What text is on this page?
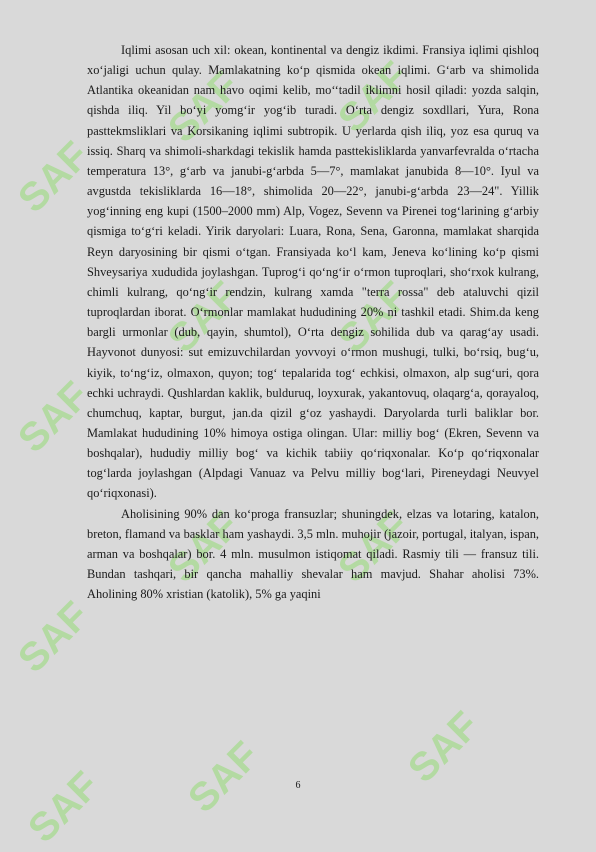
SAF
SAF SAF
SAF
SAF SAF
SAF
SAF SAF
SAF SAF	SAF

Iqlimi asosan uch xil: okean, kontinental va dengiz ikdimi. Fransiya iqlimi qishloq xo‘jaligi uchun qulay. Mamlakatning ko‘p qismida okean iqlimi. G‘arb va shimolida Atlantika okeanidan nam havo oqimi kelib, mo‘‘tadil iklimni hosil qiladi: yozda salqin, qishda iliq. Yil bo‘yi yomg‘ir yog‘ib turadi. O‘rta dengiz soxdllari, Yura, Rona pasttekmsliklari va Korsikaning iqlimi subtropik. U yerlarda qish iliq, yoz esa quruq va issiq. Sharq va shimoli-sharkdagi tekislik hamda pasttekisliklarda yanvarfevralda o‘rtacha temperatura 13°, g‘arb va janubi-g‘arbda 5—7°, mamlakat janubida 8—10°. Iyul va avgustda tekisliklarda 16—18°, shimolida 20—22°, janubi-g‘arbda 23—24". Yillik yog‘inning eng kupi (1500–2000 mm) Alp, Vogez, Sevenn va Pirenei tog‘larining g‘arbiy qismiga to‘g‘ri keladi. Yirik daryolari: Luara, Rona, Sena, Garonna, mamlakat sharqida Reyn daryosining bir qismi o‘tgan. Fransiyada ko‘l kam, Jeneva ko‘lining ko‘p qismi Shveysariya xududida joylashgan. Tuprog‘i qo‘ng‘ir o‘rmon tuproqlari, sho‘rxok kulrang, chimli kulrang, qo‘ng‘ir rendzin, kulrang xamda "terra rossa" deb ataluvchi qizil tuproqlardan iborat. O‘rmonlar mamlakat hududining 20% ni tashkil etadi. Shim.da keng bargli urmonlar (dub, qayin, shumtol), O‘rta dengiz sohilida dub va qarag‘ay usadi. Hayvonot dunyosi: sut emizuvchilardan yovvoyi o‘rmon mushugi, tulki, bo‘rsiq, bug‘u, kiyik, to‘ng‘iz, olmaxon, quyon; tog‘ tepalarida tog‘ echkisi, olmaxon, alp sug‘uri, qora echki uchraydi. Qushlardan kaklik, bulduruq, loyxurak, yakantovuq, olaqarg‘a, qorayaloq, chumchuq, kaptar, burgut, jan.da qizil g‘oz yashaydi. Daryolarda turli baliklar bor. Mamlakat hududining 10% himoya ostiga olingan. Ular: milliy bog‘ (Ekren, Sevenn va boshqalar), hududiy milliy bog‘ va kichik tabiiy qo‘riqxonalar. Ko‘p qo‘riqxonalar tog‘larda joylashgan (Alpdagi Vanuaz va Pelvu milliy bog‘lari, Pireneydagi Neuvyel qo‘riqxonasi).

Aholisining 90% dan ko‘proga fransuzlar; shuningdek, elzas va lotaring, katalon, breton, flamand va basklar ham yashaydi. 3,5 mln. muhojir (jazoir, portugal, italyan, ispan, arman va boshqalar) bor. 4 mln. musulmon istiqomat qiladi. Rasmiy tili — fransuz tili. Bundan tashqari, bir qancha mahalliy shevalar ham mavjud. Shahar aholisi 73%. Aholining 80% xristian (katolik), 5% ga yaqini

6
